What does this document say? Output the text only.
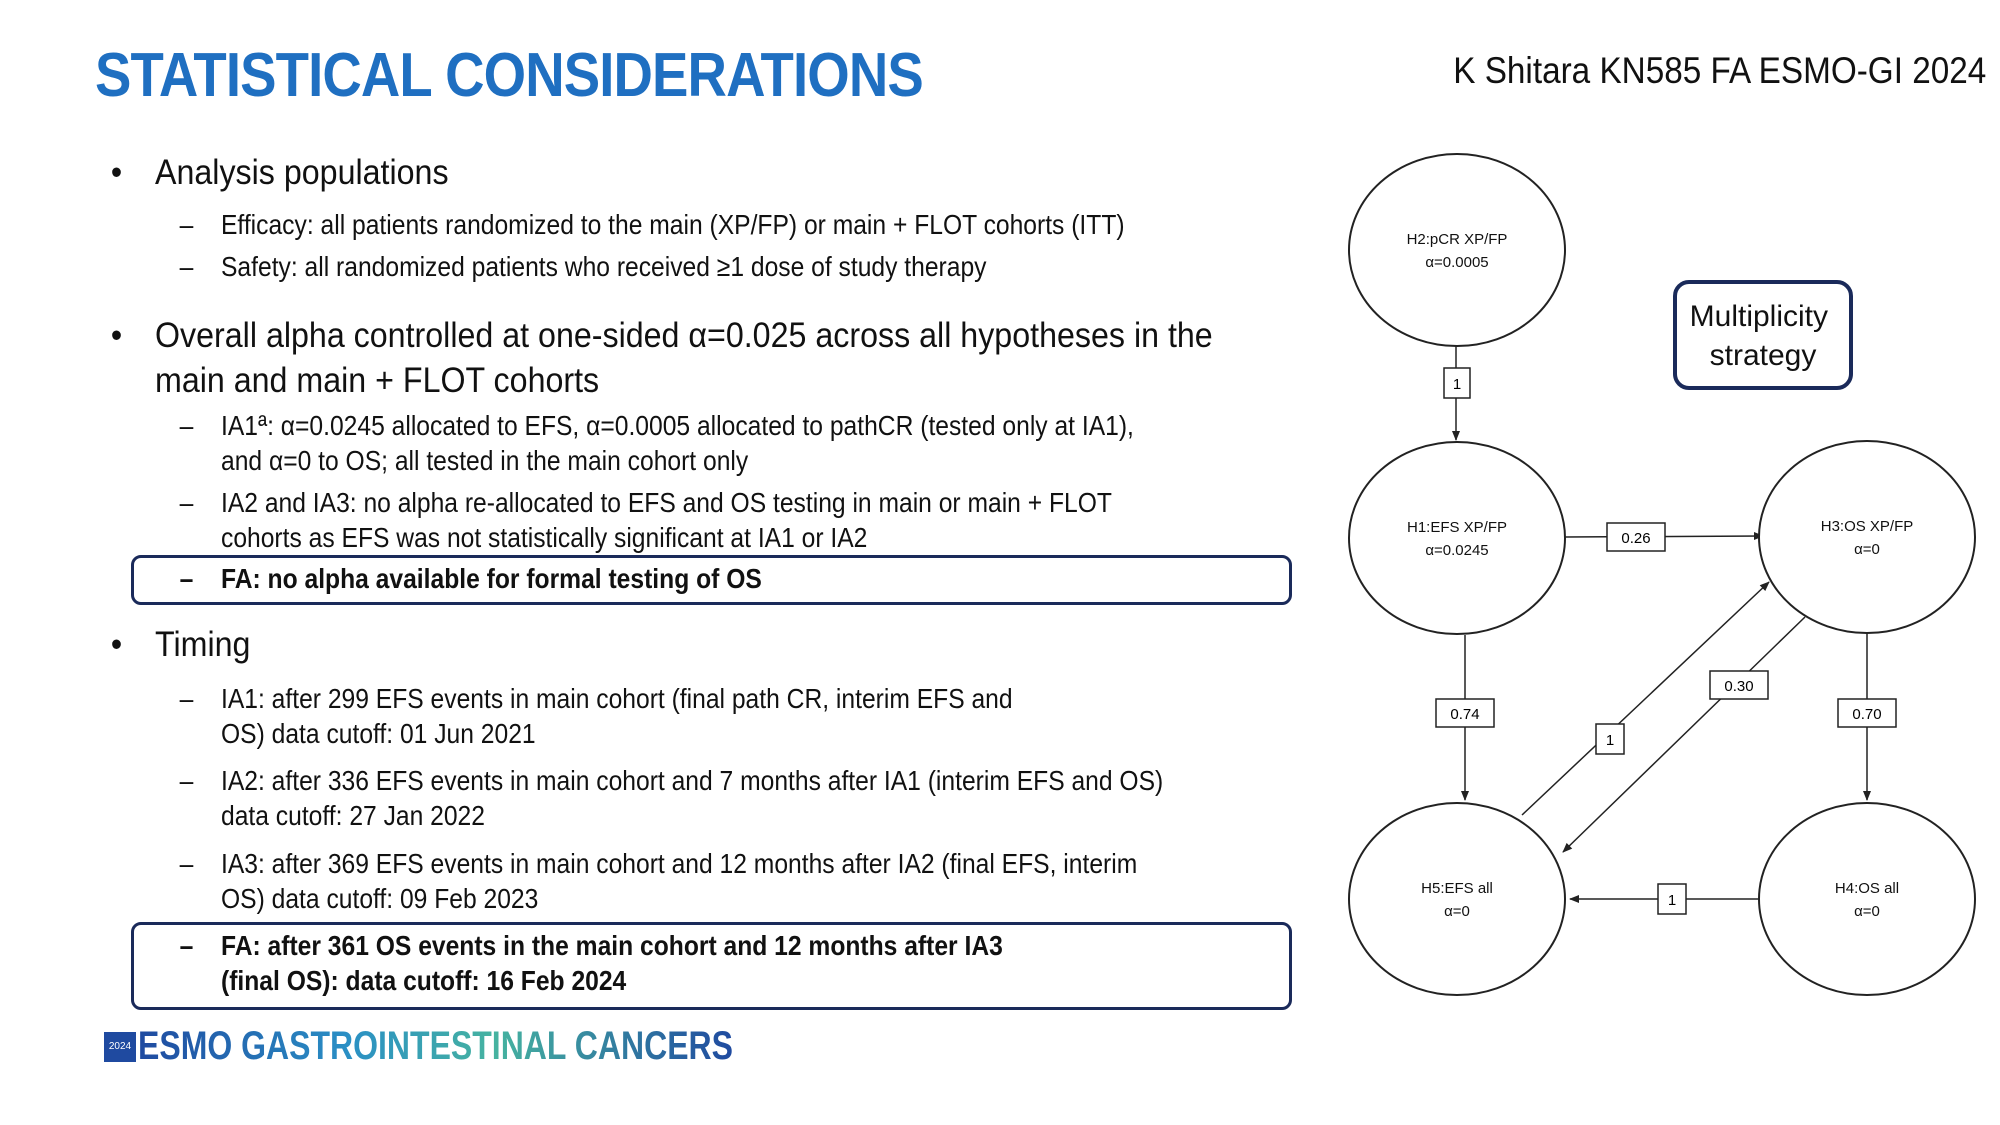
STATISTICAL CONSIDERATIONS	K Shitara KN585 FA ESMO-GI 2024
• Analysis populations
– Efficacy: all patients randomized to the main (XP/FP) or main + FLOT cohorts (ITT)
– Safety: all randomized patients who received ≥1 dose of study therapy
• Overall alpha controlled at one-sided α=0.025 across all hypotheses in the main and main + FLOT cohorts
– IA1ª: α=0.0245 allocated to EFS, α=0.0005 allocated to pathCR (tested only at IA1), and α=0 to OS; all tested in the main cohort only
– IA2 and IA3: no alpha re-allocated to EFS and OS testing in main or main + FLOT cohorts as EFS was not statistically significant at IA1 or IA2
– FA: no alpha available for formal testing of OS
• Timing
– IA1: after 299 EFS events in main cohort (final path CR, interim EFS and OS) data cutoff: 01 Jun 2021
– IA2: after 336 EFS events in main cohort and 7 months after IA1 (interim EFS and OS) data cutoff: 27 Jan 2022
– IA3: after 369 EFS events in main cohort and 12 months after IA2 (final EFS, interim OS) data cutoff: 09 Feb 2023
– FA: after 361 OS events in the main cohort and 12 months after IA3 (final OS): data cutoff: 16 Feb 2024
Multiplicity strategy
1
0.26
0.74	0.70
0.30
1
1
H2:pCR XP/FP α=0.0005
H1:EFS XP/FP α=0.0245
H3:OS XP/FP α=0
H5:EFS all α=0
H4:OS all α=0
2024 ESMO GASTROINTESTINAL CANCERS
